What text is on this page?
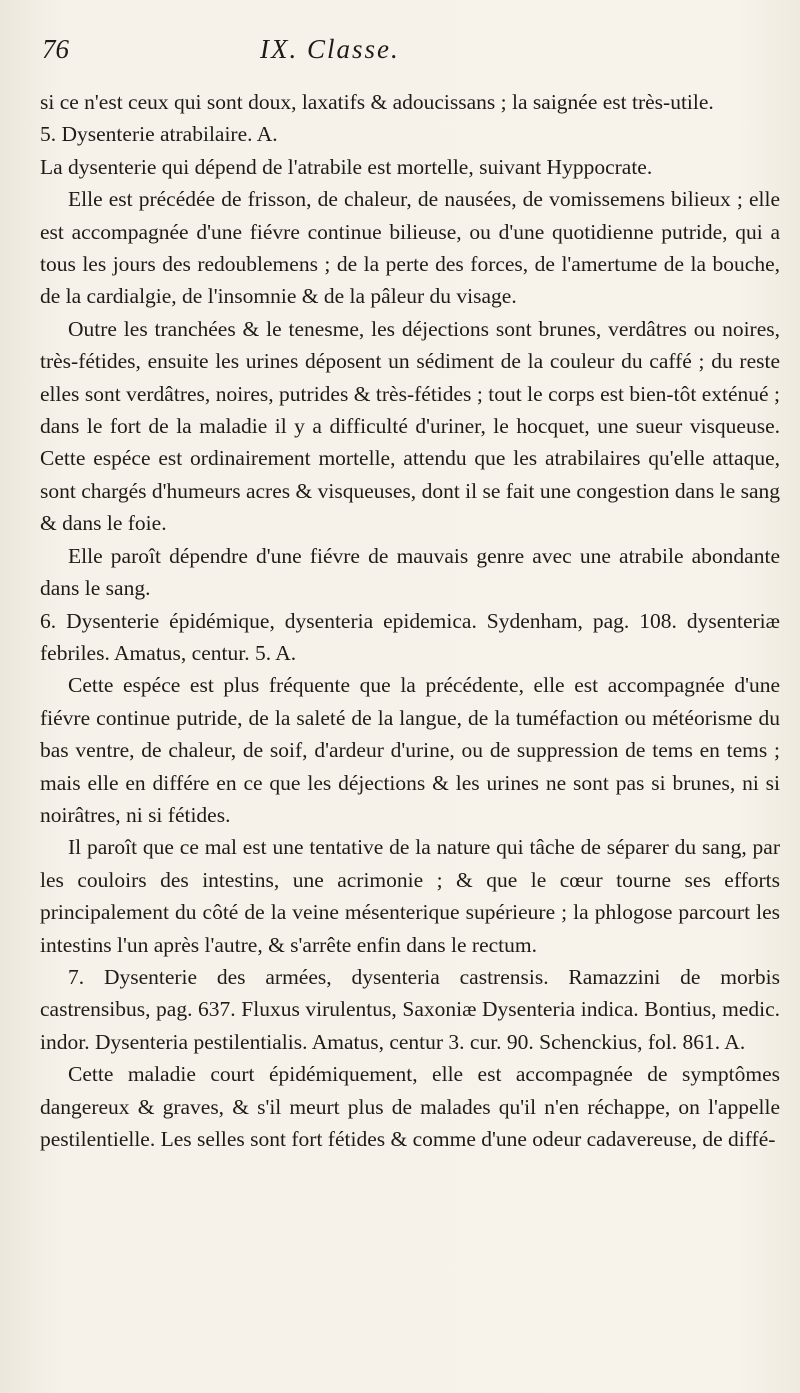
76	IX. Classe.

si ce n'est ceux qui sont doux, laxatifs & adoucissans ; la saignée est très-utile.

5. Dysenterie atrabilaire. A.

La dysenterie qui dépend de l'atrabile est mortelle, suivant Hyppocrate.

Elle est précédée de frisson, de chaleur, de nausées, de vomissemens bilieux ; elle est accompagnée d'une fiévre continue bilieuse, ou d'une quotidienne putride, qui a tous les jours des redoublemens ; de la perte des forces, de l'amertume de la bouche, de la cardialgie, de l'insomnie & de la pâleur du visage.

Outre les tranchées & le tenesme, les déjections sont brunes, verdâtres ou noires, très-fétides, ensuite les urines déposent un sédiment de la couleur du caffé ; du reste elles sont verdâtres, noires, putrides & très-fétides ; tout le corps est bien-tôt exténué ; dans le fort de la maladie il y a difficulté d'uriner, le hocquet, une sueur visqueuse. Cette espéce est ordinairement mortelle, attendu que les atrabilaires qu'elle attaque, sont chargés d'humeurs acres & visqueuses, dont il se fait une congestion dans le sang & dans le foie.

Elle paroît dépendre d'une fiévre de mauvais genre avec une atrabile abondante dans le sang.

6. Dysenterie épidémique, dysenteria epidemica. Sydenham, pag. 108. dysenteriæ febriles. Amatus, centur. 5. A.

Cette espéce est plus fréquente que la précédente, elle est accompagnée d'une fiévre continue putride, de la saleté de la langue, de la tuméfaction ou météorisme du bas ventre, de chaleur, de soif, d'ardeur d'urine, ou de suppression de tems en tems ; mais elle en différe en ce que les déjections & les urines ne sont pas si brunes, ni si noirâtres, ni si fétides.

Il paroît que ce mal est une tentative de la nature qui tâche de séparer du sang, par les couloirs des intestins, une acrimonie ; & que le cœur tourne ses efforts principalement du côté de la veine mésenterique supérieure ; la phlogose parcourt les intestins l'un après l'autre, & s'arrête enfin dans le rectum.

7. Dysenterie des armées, dysenteria castrensis. Ramazzini de morbis castrensibus, pag. 637. Fluxus virulentus, Saxoniæ Dysenteria indica. Bontius, medic. indor. Dysenteria pestilentialis. Amatus, centur 3. cur. 90. Schenckius, fol. 861. A.

Cette maladie court épidémiquement, elle est accompagnée de symptômes dangereux & graves, & s'il meurt plus de malades qu'il n'en réchappe, on l'appelle pestilentielle. Les selles sont fort fétides & comme d'une odeur cadavereuse, de diffé-
